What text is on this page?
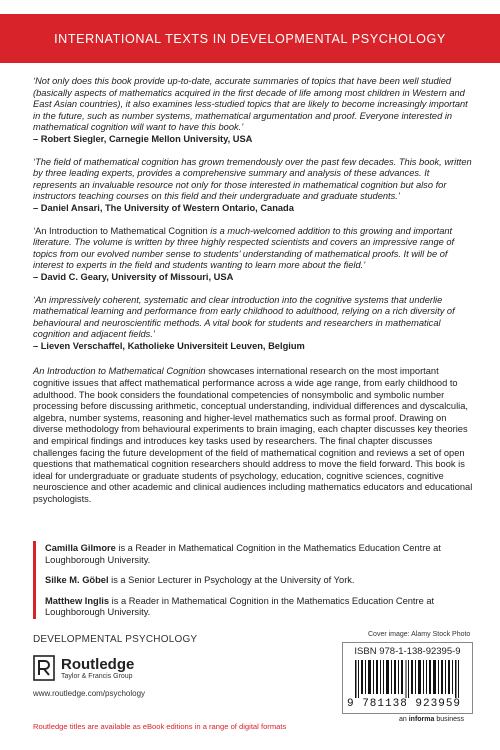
INTERNATIONAL TEXTS IN DEVELOPMENTAL PSYCHOLOGY

‘Not only does this book provide up-to-date, accurate summaries of topics that have been well studied (basically aspects of mathematics acquired in the first decade of life among most children in Western and East Asian countries), it also examines less-studied topics that are likely to become increasingly important in the future, such as number systems, mathematical argumentation and proof. Everyone interested in mathematical cognition will want to have this book.’

– Robert Siegler, Carnegie Mellon University, USA

‘The field of mathematical cognition has grown tremendously over the past few decades. This book, written by three leading experts, provides a comprehensive summary and analysis of these advances. It represents an invaluable resource not only for those interested in mathematical cognition but also for instructors teaching courses on this field and their undergraduate and graduate students.’

– Daniel Ansari, The University of Western Ontario, Canada

‘An Introduction to Mathematical Cognition is a much-welcomed addition to this growing and important literature. The volume is written by three highly respected scientists and covers an impressive range of topics from our evolved number sense to students’ understanding of mathematical proofs. It will be of interest to experts in the field and students wanting to learn more about the field.’

– David C. Geary, University of Missouri, USA

‘An impressively coherent, systematic and clear introduction into the cognitive systems that underlie mathematical learning and performance from early childhood to adulthood, relying on a rich diversity of behavioural and neuroscientific methods. A vital book for students and researchers in mathematical cognition and adjacent fields.’

– Lieven Verschaffel, Katholieke Universiteit Leuven, Belgium

An Introduction to Mathematical Cognition showcases international research on the most important cognitive issues that affect mathematical performance across a wide age range, from early childhood to adulthood. The book considers the foundational competencies of nonsymbolic and symbolic number processing before discussing arithmetic, conceptual understanding, individual differences and dyscalculia, algebra, number systems, reasoning and higher-level mathematics such as formal proof. Drawing on diverse methodology from behavioural experiments to brain imaging, each chapter discusses key theories and empirical findings and introduces key tasks used by researchers. The final chapter discusses challenges facing the future development of the field of mathematical cognition and reviews a set of open questions that mathematical cognition researchers should address to move the field forward. This book is ideal for undergraduate or graduate students of psychology, education, cognitive sciences, cognitive neuroscience and other academic and clinical audiences including mathematics educators and educational psychologists.

Camilla Gilmore is a Reader in Mathematical Cognition in the Mathematics Education Centre at Loughborough University.
Silke M. Göbel is a Senior Lecturer in Psychology at the University of York.
Matthew Inglis is a Reader in Mathematical Cognition in the Mathematics Education Centre at Loughborough University.
DEVELOPMENTAL PSYCHOLOGY
Routledge
Taylor & Francis Group
www.routledge.com/psychology
Routledge titles are available as eBook editions in a range of digital formats
Cover image: Alamy Stock Photo
ISBN 978-1-138-92395-9
9 781138 923959
an informa business
